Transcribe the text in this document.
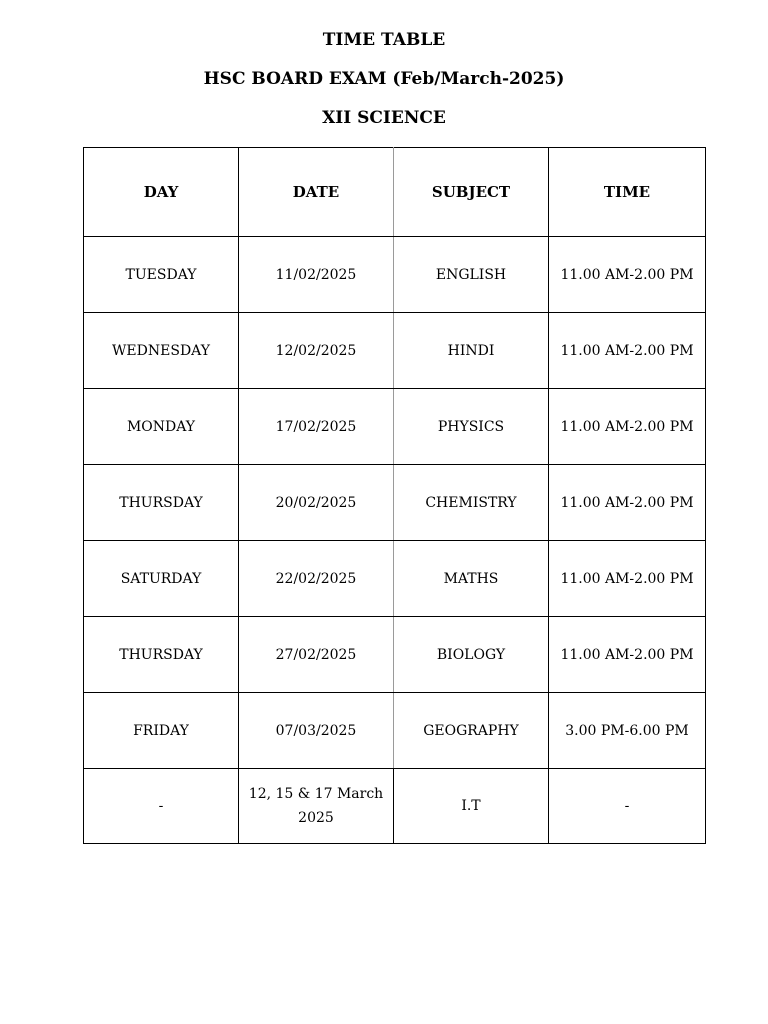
TIME TABLE
HSC BOARD EXAM (Feb/March-2025)
XII SCIENCE
DAY	DATE	SUBJECT	TIME
TUESDAY	11/02/2025	ENGLISH	11.00 AM-2.00 PM
WEDNESDAY	12/02/2025	HINDI	11.00 AM-2.00 PM
MONDAY	17/02/2025	PHYSICS	11.00 AM-2.00 PM
THURSDAY	20/02/2025	CHEMISTRY	11.00 AM-2.00 PM
SATURDAY	22/02/2025	MATHS	11.00 AM-2.00 PM
THURSDAY	27/02/2025	BIOLOGY	11.00 AM-2.00 PM
FRIDAY	07/03/2025	GEOGRAPHY	3.00 PM-6.00 PM
-	12, 15 & 17 March 2025	I.T	-
